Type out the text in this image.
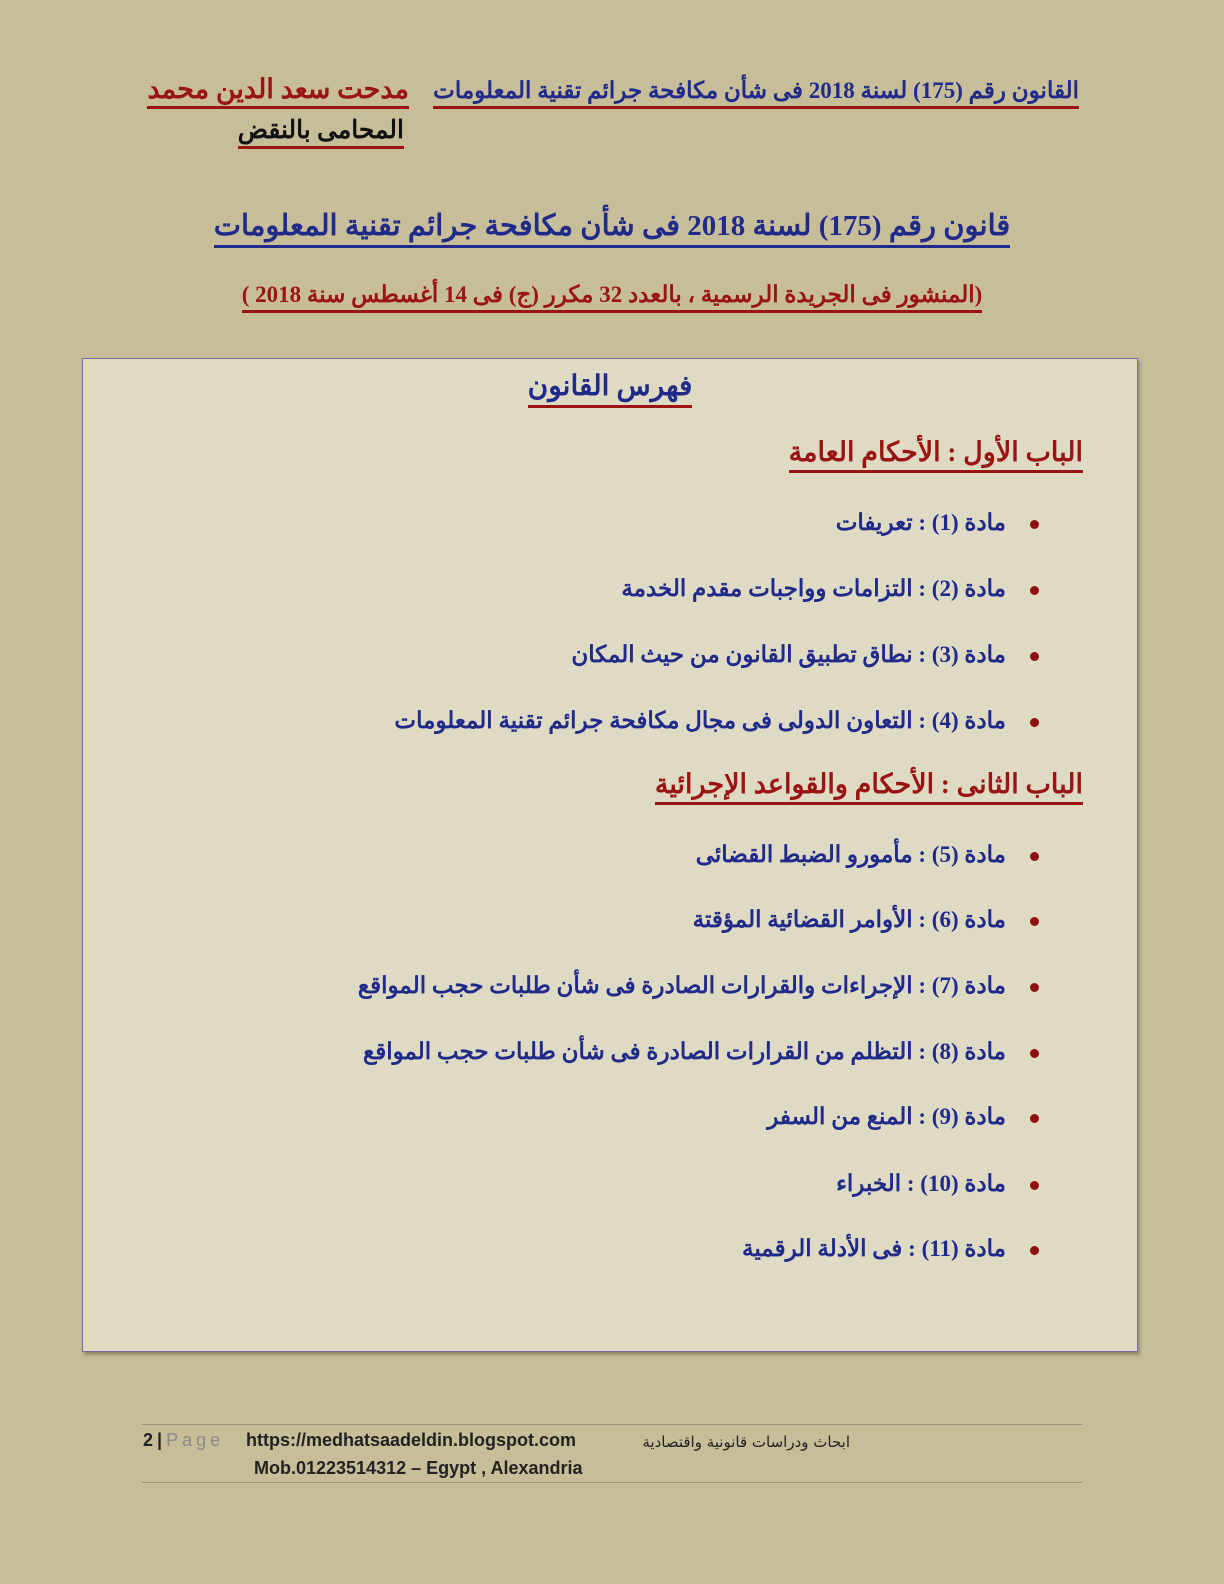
القانون رقم (175) لسنة 2018 فى شأن مكافحة جرائم تقنية المعلومات
مدحت سعد الدين محمد
المحامى بالنقض
قانون رقم (175) لسنة 2018 فى شأن مكافحة جرائم تقنية المعلومات
(المنشور فى الجريدة الرسمية ، بالعدد 32 مكرر (ج) فى 14 أغسطس سنة 2018 )
فهرس القانون
الباب الأول : الأحكام العامة
مادة (1) : تعريفات
مادة (2) : التزامات وواجبات مقدم الخدمة
مادة (3) : نطاق تطبيق القانون من حيث المكان
مادة (4) : التعاون الدولى فى مجال مكافحة جرائم تقنية المعلومات
الباب الثانى : الأحكام والقواعد الإجرائية
مادة (5) : مأمورو الضبط القضائى
مادة (6) : الأوامر القضائية المؤقتة
مادة (7) : الإجراءات والقرارات الصادرة فى شأن طلبات حجب المواقع
مادة (8) : التظلم من القرارات الصادرة فى شأن طلبات حجب المواقع
مادة (9) : المنع من السفر
مادة (10) : الخبراء
مادة (11) : فى الأدلة الرقمية
2 | Page https://medhatsaadeldin.blogspot.com	ابحاث ودراسات قانونية واقتصادية
Mob.01223514312 – Egypt , Alexandria
